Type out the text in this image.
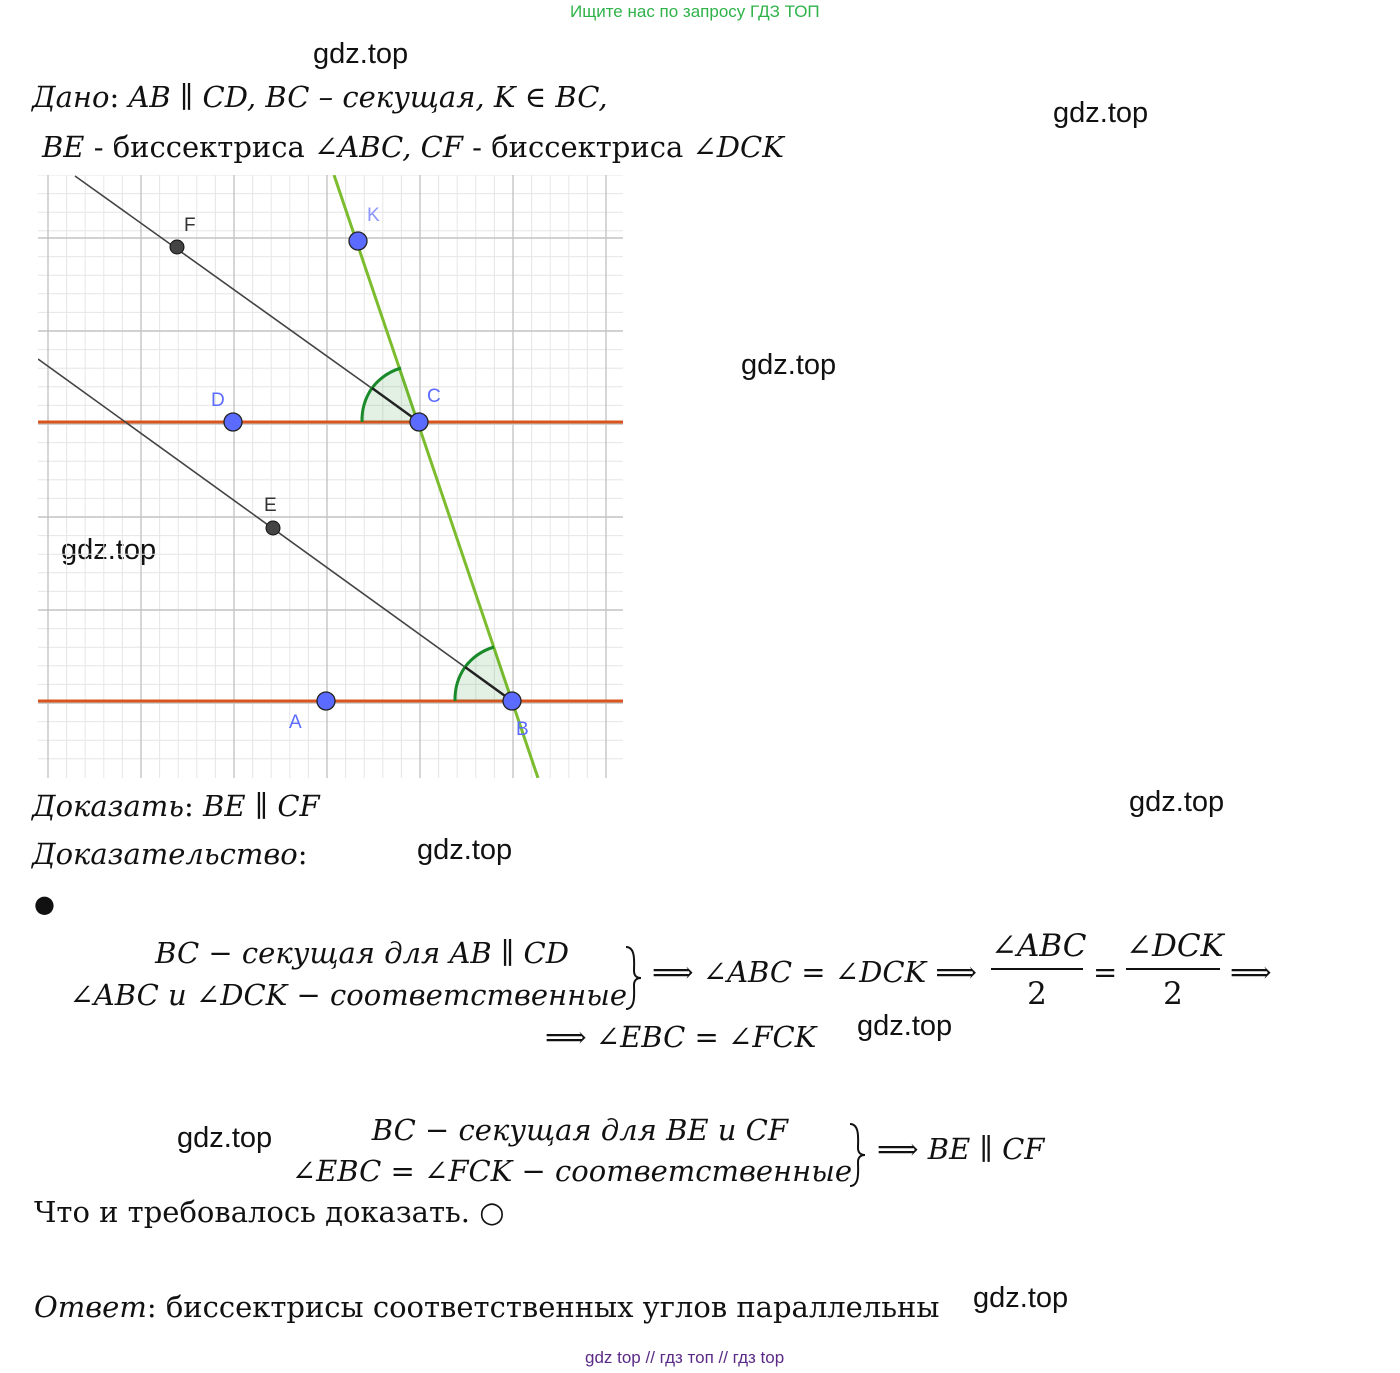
Ищите нас по запросу ГДЗ ТОП
gdz.top
gdz.top
gdz.top
gdz.top
gdz.top
gdz.top
gdz.top
gdz.top
gdz.top
Дано: AB ∥ CD, BC – секущая, K ∈ BC,
BE - биссектриса ∠ABC, CF - биссектриса ∠DCK
F	K
D	C
E
A	B
Доказать: BE ∥ CF
Доказательство:
●
BC − секущая для AB ∥ CD
∠ABC и ∠DCK − соответственные
⟹ ∠ABC = ∠DCK ⟹
∠ABC
2
=
∠DCK
2
⟹
⟹ ∠EBC = ∠FCK
BC − секущая для BE и CF
∠EBC = ∠FCK − соответственные
⟹ BE ∥ CF
Что и требовалось доказать. ○
Ответ: биссектрисы соответственных углов параллельны
gdz top // гдз топ // гдз top
